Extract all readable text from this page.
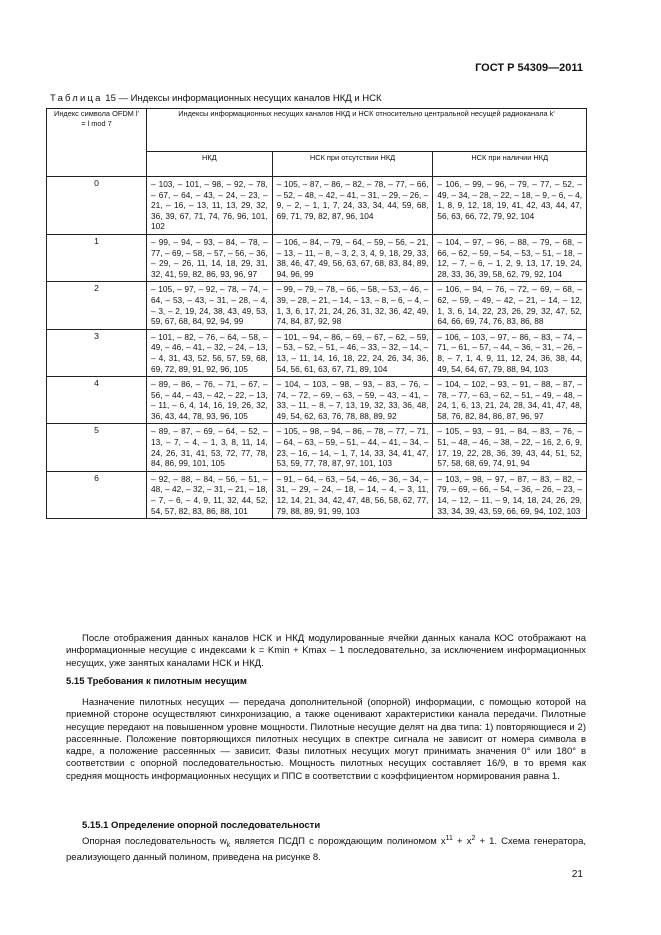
ГОСТ Р 54309—2011
Таблица 15 — Индексы информационных несущих каналов НКД и НСК
Индекс символа OFDM l' = l mod 7	Индексы информационных несущих каналов НКД и НСК относительно центральной несущей радиоканала k'		
	НКД	НСК при отсутствии НКД	НСК при наличии НКД
0	– 103, – 101, – 98, – 92, – 78, – 67, – 64, – 43, – 24, – 23, – 21, – 16, – 13, 11, 13, 29, 32, 36, 39, 67, 71, 74, 76, 96, 101, 102	– 105, – 87, – 86, – 82, – 78, – 77, – 66, – 52, – 48, – 42, – 41, – 31, – 29, – 26, – 9, – 2, – 1, 1, 7, 24, 33, 34, 44, 59, 68, 69, 71, 79, 82, 87, 96, 104	– 106, – 99, – 96, – 79, – 77, – 52, – 49, – 34, – 28, – 22, – 18, – 9, – 6, – 4, 1, 8, 9, 12, 18, 19, 41, 42, 43, 44, 47, 56, 63, 66, 72, 79, 92, 104
1	– 99, – 94, – 93, – 84, – 78, – 77, – 69, – 58, – 57, – 56, – 36, – 29, – 26, 11, 14, 18, 29, 31, 32, 41, 59, 82, 86, 93, 96, 97	– 106, – 84, – 79, – 64, – 59, – 56, – 21, – 13, – 11, – 8, – 3, 2, 3, 4, 9, 18, 29, 33, 38, 46, 47, 49, 56, 63, 67, 68, 83, 84, 89, 94, 96, 99	– 104, – 97, – 96, – 88, – 79, – 68, – 66, – 62, – 59, – 54, – 53, – 51, – 18, – 12, – 7, – 6, – 1, 2, 9, 13, 17, 19, 24, 28, 33, 36, 39, 58, 62, 79, 92, 104
2	– 105, – 97, – 92, – 78, – 74, – 64, – 53, – 43, – 31, – 28, – 4, – 3, – 2, 19, 24, 38, 43, 49, 53, 59, 67, 68, 84, 92, 94, 99	– 99, – 79, – 78, – 66, – 58, – 53, – 46, – 39, – 28, – 21, – 14, – 13, – 8, – 6, – 4, – 1, 3, 6, 17, 21, 24, 26, 31, 32, 36, 42, 49, 74, 84, 87, 92, 98	– 106, – 94, – 76, – 72, – 69, – 68, – 62, – 59, – 49, – 42, – 21, – 14, – 12, 1, 3, 6, 14, 22, 23, 26, 29, 32, 47, 52, 64, 66, 69, 74, 76, 83, 86, 88
3	– 101, – 82, – 76, – 64, – 58, – 49, – 46, – 41, – 32, – 24, – 13, – 4, 31, 43, 52, 56, 57, 59, 68, 69, 72, 89, 91, 92, 96, 105	– 101, – 94, – 86, – 69, – 67, – 62, – 59, – 53, – 52, – 51, – 46, – 33, – 32, – 14, – 13, – 11, 14, 16, 18, 22, 24, 26, 34, 36, 54, 56, 61, 63, 67, 71, 89, 104	– 106, – 103, – 97, – 86, – 83, – 74, – 71, – 61, – 57, – 44, – 36, – 31, – 26, – 8, – 7, 1, 4, 9, 11, 12, 24, 36, 38, 44, 49, 54, 64, 67, 79, 88, 94, 103
4	– 89, – 86, – 76, – 71, – 67, – 56, – 44, – 43, – 42, – 22, – 13, – 11, – 6, 4, 14, 16, 19, 26, 32, 36, 43, 44, 78, 93, 96, 105	– 104, – 103, – 98, – 93, – 83, – 76, – 74, – 72, – 69, – 63, – 59, – 43, – 41, – 33, – 11, – 8, – 7, 13, 19, 32, 33, 36, 48, 49, 54, 62, 63, 76, 78, 88, 89, 92	– 104, – 102, – 93, – 91, – 88, – 87, – 78, – 77, – 63, – 62, – 51, – 49, – 48, – 24, 1, 6, 13, 21, 24, 28, 34, 41, 47, 48, 58, 76, 82, 84, 86, 87, 96, 97
5	– 89, – 87, – 69, – 64, – 52, – 13, – 7, – 4, – 1, 3, 8, 11, 14, 24, 26, 31, 41, 53, 72, 77, 78, 84, 86, 99, 101, 105	– 105, – 98, – 94, – 86, – 78, – 77, – 71, – 64, – 63, – 59, – 51, – 44, – 41, – 34, – 23, – 16, – 14, – 1, 7, 14, 33, 34, 41, 47, 53, 59, 77, 78, 87, 97, 101, 103	– 105, – 93, – 91, – 84, – 83, – 76, – 51, – 48, – 46, – 38, – 22, – 16, 2, 6, 9, 17, 19, 22, 28, 36, 39, 43, 44, 51, 52, 57, 58, 68, 69, 74, 91, 94
6	– 92, – 88, – 84, – 56, – 51, – 48, – 42, – 32, – 31, – 21, – 18, – 7, – 6, – 4, 9, 11, 32, 44, 52, 54, 57, 82, 83, 86, 88, 101	– 91, – 64, – 63, – 54, – 46, – 36, – 34, – 31, – 29, – 24, – 18, – 14, – 4, – 3, 11, 12, 14, 21, 34, 42, 47, 48, 56, 58, 62, 77, 79, 88, 89, 91, 99, 103	– 103, – 98, – 97, – 87, – 83, – 82, – 79, – 69, – 66, – 54, – 36, – 26, – 23, – 14, – 12, – 11, – 9, 14, 18, 24, 26, 29, 33, 34, 39, 43, 59, 66, 69, 94, 102, 103

После отображения данных каналов НСК и НКД модулированные ячейки данных канала КОС отображают на информационные несущие с индексами k = Kmin + Kmax – 1 последовательно, за исключением информационных несущих, уже занятых каналами НСК и НКД.

5.15 Требования к пилотным несущим

Назначение пилотных несущих — передача дополнительной (опорной) информации, с помощью которой на приемной стороне осуществляют синхронизацию, а также оценивают характеристики канала передачи. Пилотные несущие передают на повышенном уровне мощности. Пилотные несущие делят на два типа: 1) повторяющиеся и 2) рассеянные. Положение повторяющихся пилотных несущих в спектре сигнала не зависит от номера символа в кадре, а положение рассеянных — зависит. Фазы пилотных несущих могут принимать значения 0° или 180° в соответствии с опорной последовательностью. Мощность пилотных несущих составляет 16/9, в то время как средняя мощность информационных несущих и ППС в соответствии с коэффициентом нормирования равна 1.

5.15.1 Определение опорной последовательности

Опорная последовательность $w_k$ является ПСДП с порождающим полиномом $x^{11} + x^2 + 1$. Схема генератора, реализующего данный полином, приведена на рисунке 8.

21
